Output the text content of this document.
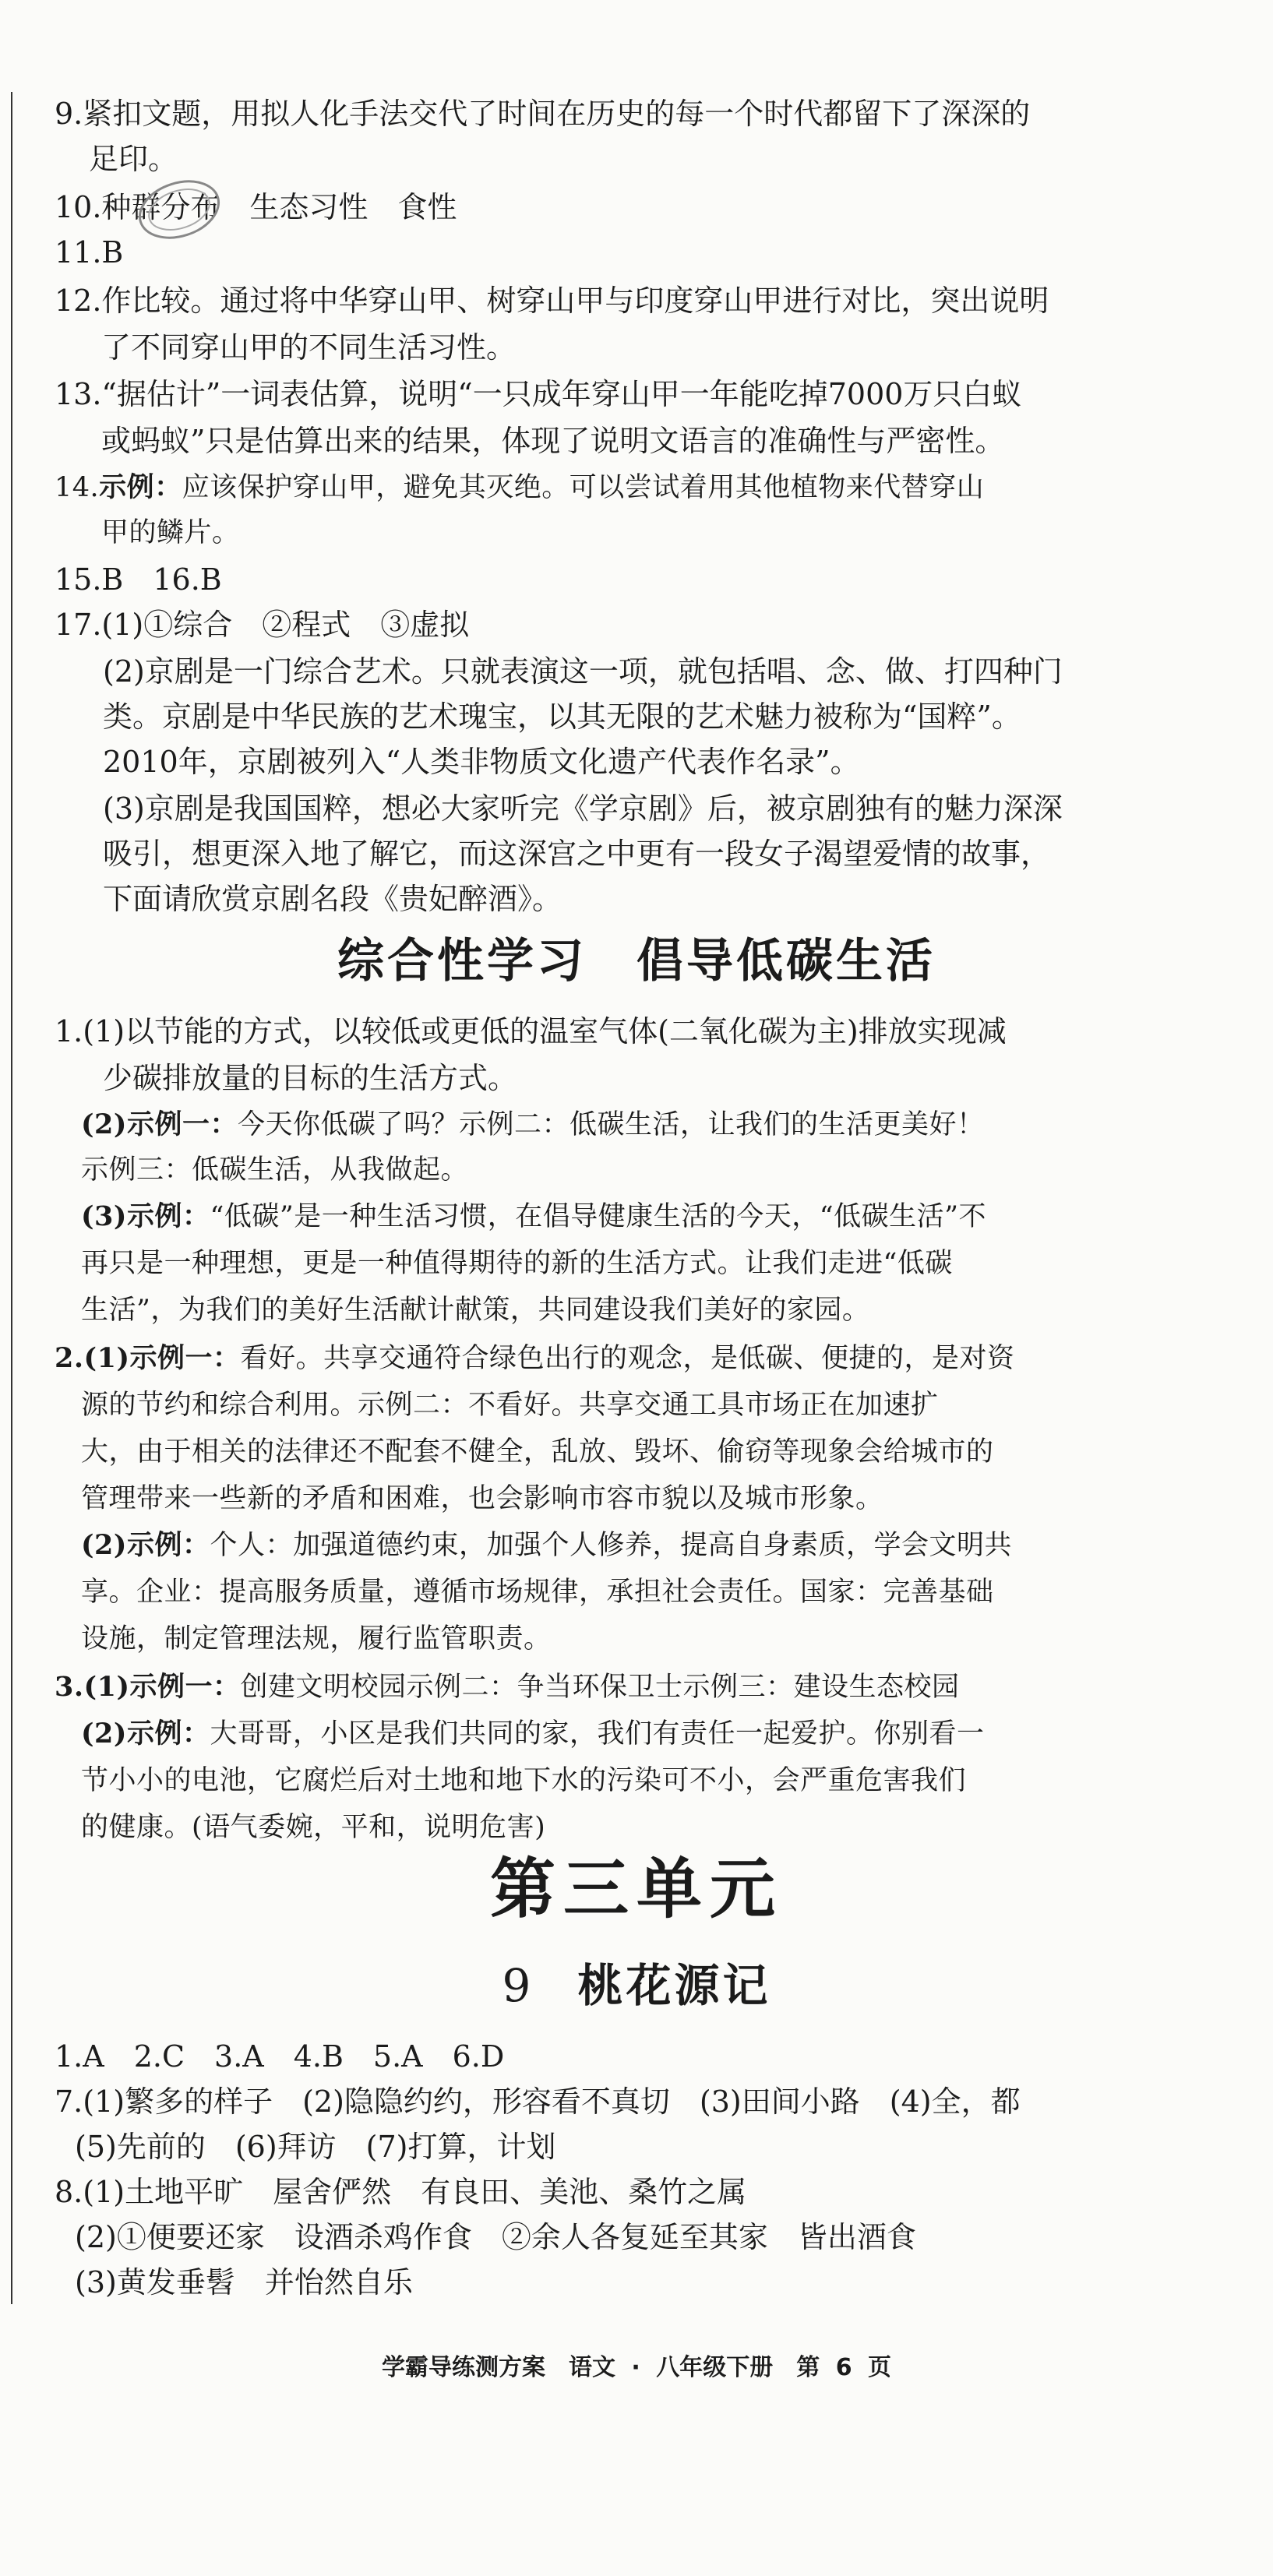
9.紧扣文题，用拟人化手法交代了时间在历史的每一个时代都留下了深深的
足印。
10.种群分布　生态习性　食性
11.B
12.作比较。通过将中华穿山甲、树穿山甲与印度穿山甲进行对比，突出说明
了不同穿山甲的不同生活习性。
13.“据估计”一词表估算，说明“一只成年穿山甲一年能吃掉7000万只白蚁
或蚂蚁”只是估算出来的结果，体现了说明文语言的准确性与严密性。
14.示例：应该保护穿山甲，避免其灭绝。可以尝试着用其他植物来代替穿山
甲的鳞片。
15.B　16.B
17.(1)①综合　②程式　③虚拟
(2)京剧是一门综合艺术。只就表演这一项，就包括唱、念、做、打四种门
类。京剧是中华民族的艺术瑰宝，以其无限的艺术魅力被称为“国粹”。
2010年，京剧被列入“人类非物质文化遗产代表作名录”。
(3)京剧是我国国粹，想必大家听完《学京剧》后，被京剧独有的魅力深深
吸引，想更深入地了解它，而这深宫之中更有一段女子渴望爱情的故事，
下面请欣赏京剧名段《贵妃醉酒》。
综合性学习　倡导低碳生活
1.(1)以节能的方式，以较低或更低的温室气体(二氧化碳为主)排放实现减
少碳排放量的目标的生活方式。
(2)示例一：今天你低碳了吗？示例二：低碳生活，让我们的生活更美好！
示例三：低碳生活，从我做起。
(3)示例：“低碳”是一种生活习惯，在倡导健康生活的今天，“低碳生活”不
再只是一种理想，更是一种值得期待的新的生活方式。让我们走进“低碳
生活”，为我们的美好生活献计献策，共同建设我们美好的家园。
2.(1)示例一：看好。共享交通符合绿色出行的观念，是低碳、便捷的，是对资
源的节约和综合利用。示例二：不看好。共享交通工具市场正在加速扩
大，由于相关的法律还不配套不健全，乱放、毁坏、偷窃等现象会给城市的
管理带来一些新的矛盾和困难，也会影响市容市貌以及城市形象。
(2)示例：个人：加强道德约束，加强个人修养，提高自身素质，学会文明共
享。企业：提高服务质量，遵循市场规律，承担社会责任。国家：完善基础
设施，制定管理法规，履行监管职责。
3.(1)示例一：创建文明校园示例二：争当环保卫士示例三：建设生态校园
(2)示例：大哥哥，小区是我们共同的家，我们有责任一起爱护。你别看一
节小小的电池，它腐烂后对土地和地下水的污染可不小，会严重危害我们
的健康。(语气委婉，平和，说明危害)
第三单元
9 桃花源记
1.A　2.C　3.A　4.B　5.A　6.D
7.(1)繁多的样子　(2)隐隐约约，形容看不真切　(3)田间小路　(4)全，都
(5)先前的　(6)拜访　(7)打算，计划
8.(1)土地平旷　屋舍俨然　有良田、美池、桑竹之属
(2)①便要还家　设酒杀鸡作食　②余人各复延至其家　皆出酒食
(3)黄发垂髫　并怡然自乐
学霸导练测方案　语文 · 八年级下册　第 6 页
